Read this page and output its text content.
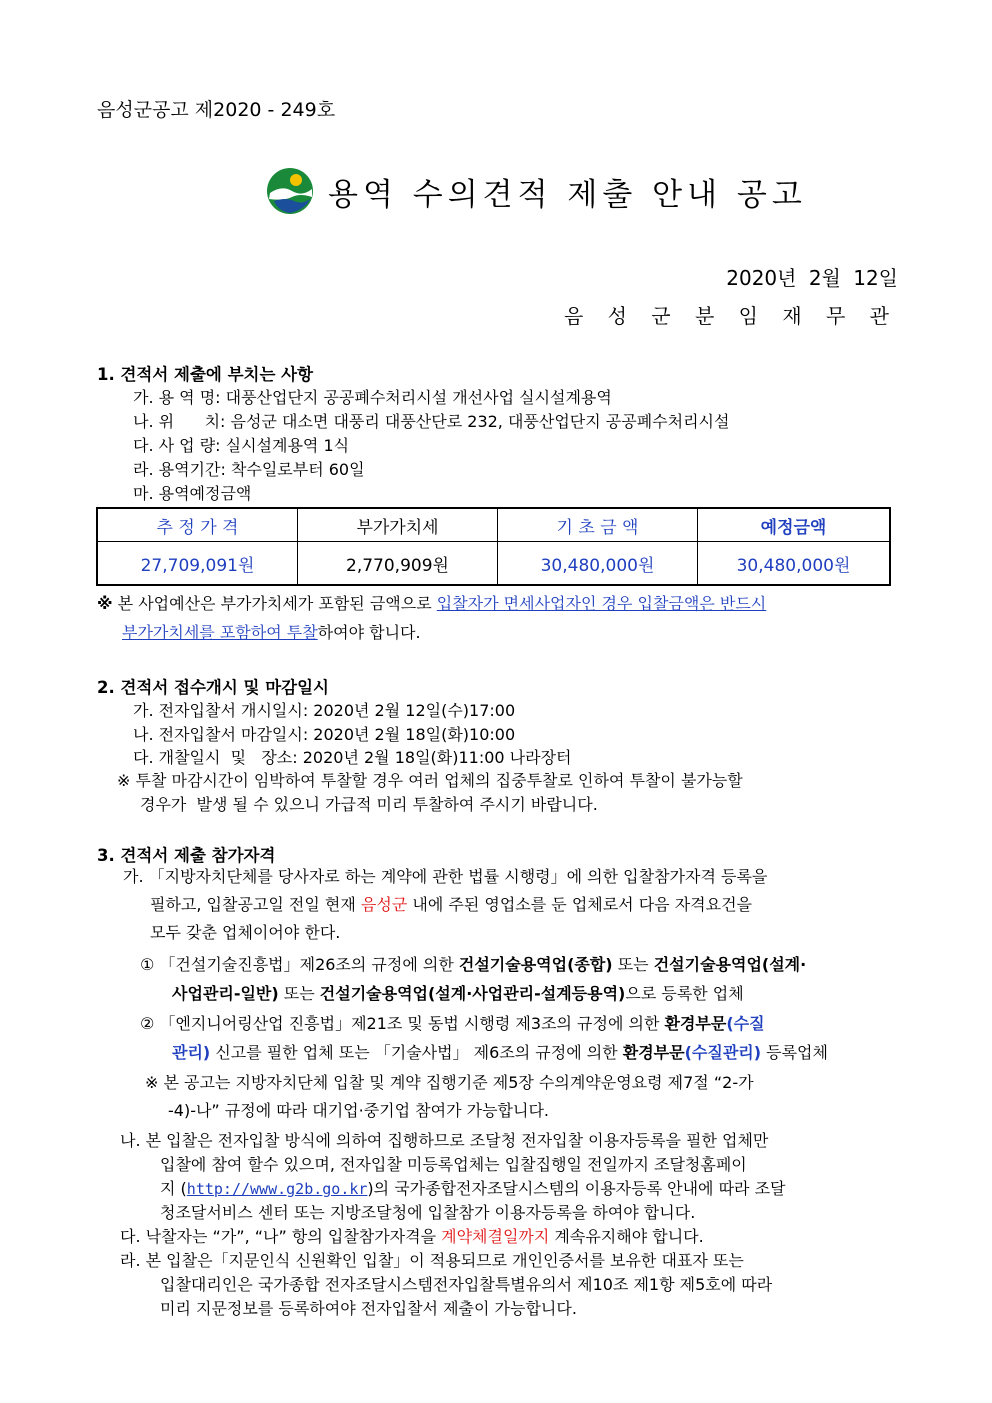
음성군공고 제2020 - 249호
용역 수의견적 제출 안내 공고
2020년 2월 12일
음 성 군 분 임 재 무 관
1. 견적서 제출에 부치는 사항
가. 용 역 명: 대풍산업단지 공공폐수처리시설 개선사업 실시설계용역
나. 위      치: 음성군 대소면 대풍리 대풍산단로 232, 대풍산업단지 공공폐수처리시설
다. 사 업 량: 실시설계용역 1식
라. 용역기간: 착수일로부터 60일
마. 용역예정금액
추 정 가 격	부가가치세	기 초 금 액	예정금액
27,709,091원	2,770,909원	30,480,000원	30,480,000원
※ 본 사업예산은 부가가치세가 포함된 금액으로 입찰자가 면세사업자인 경우 입찰금액은 반드시
부가가치세를 포함하여 투찰하여야 합니다.
2. 견적서 접수개시 및 마감일시
가. 전자입찰서 개시일시: 2020년 2월 12일(수)17:00
나. 전자입찰서 마감일시: 2020년 2월 18일(화)10:00
다. 개찰일시  및   장소: 2020년 2월 18일(화)11:00 나라장터
※ 투찰 마감시간이 임박하여 투찰할 경우 여러 업체의 집중투찰로 인하여 투찰이 불가능할
경우가  발생 될 수 있으니 가급적 미리 투찰하여 주시기 바랍니다.
3. 견적서 제출 참가자격
가. 「지방자치단체를 당사자로 하는 계약에 관한 법률 시행령」에 의한 입찰참가자격 등록을
필하고, 입찰공고일 전일 현재 음성군 내에 주된 영업소를 둔 업체로서 다음 자격요건을
모두 갖춘 업체이어야 한다.
① 「건설기술진흥법」제26조의 규정에 의한 건설기술용역업(종합) 또는 건설기술용역업(설계·
사업관리-일반) 또는 건설기술용역업(설계·사업관리-설계등용역)으로 등록한 업체
② 「엔지니어링산업 진흥법」제21조 및 동법 시행령 제3조의 규정에 의한 환경부문(수질
관리) 신고를 필한 업체 또는 「기술사법」 제6조의 규정에 의한 환경부문(수질관리) 등록업체
※ 본 공고는 지방자치단체 입찰 및 계약 집행기준 제5장 수의계약운영요령 제7절 “2-가
-4)-나” 규정에 따라 대기업·중기업 참여가 가능합니다.
나. 본 입찰은 전자입찰 방식에 의하여 집행하므로 조달청 전자입찰 이용자등록을 필한 업체만
입찰에 참여 할수 있으며, 전자입찰 미등록업체는 입찰집행일 전일까지 조달청홈페이
지 (http://www.g2b.go.kr)의 국가종합전자조달시스템의 이용자등록 안내에 따라 조달
청조달서비스 센터 또는 지방조달청에 입찰참가 이용자등록을 하여야 합니다.
다. 낙찰자는 “가”, “나” 항의 입찰참가자격을 계약체결일까지 계속유지해야 합니다.
라. 본 입찰은「지문인식 신원확인 입찰」이 적용되므로 개인인증서를 보유한 대표자 또는
입찰대리인은 국가종합 전자조달시스템전자입찰특별유의서 제10조 제1항 제5호에 따라
미리 지문정보를 등록하여야 전자입찰서 제출이 가능합니다.
